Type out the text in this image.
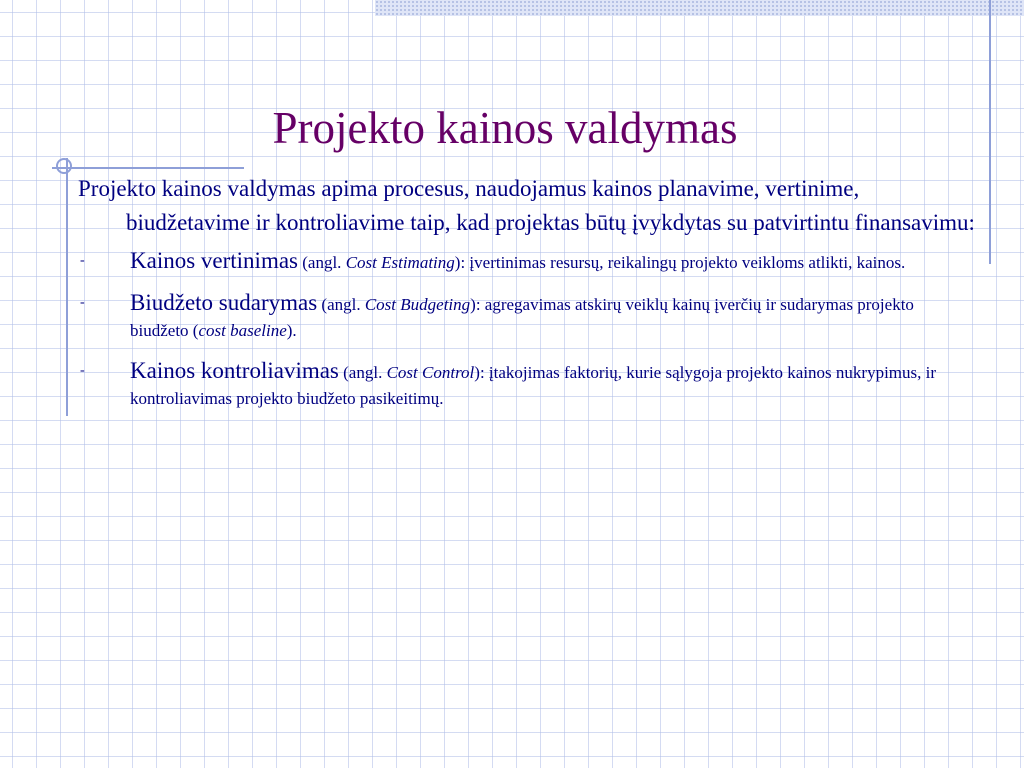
Projekto kainos valdymas

Projekto kainos valdymas apima procesus, naudojamus kainos planavime, vertinime, biudžetavime ir kontroliavime taip, kad projektas būtų įvykdytas su patvirtintu finansavimu:

- Kainos vertinimas (angl. Cost Estimating): įvertinimas resursų, reikalingų projekto veikloms atlikti, kainos.
- Biudžeto sudarymas (angl. Cost Budgeting): agregavimas atskirų veiklų kainų įverčių ir sudarymas projekto biudžeto (cost baseline).
- Kainos kontroliavimas (angl. Cost Control): įtakojimas faktorių, kurie sąlygoja projekto kainos nukrypimus, ir kontroliavimas projekto biudžeto pasikeitimų.
